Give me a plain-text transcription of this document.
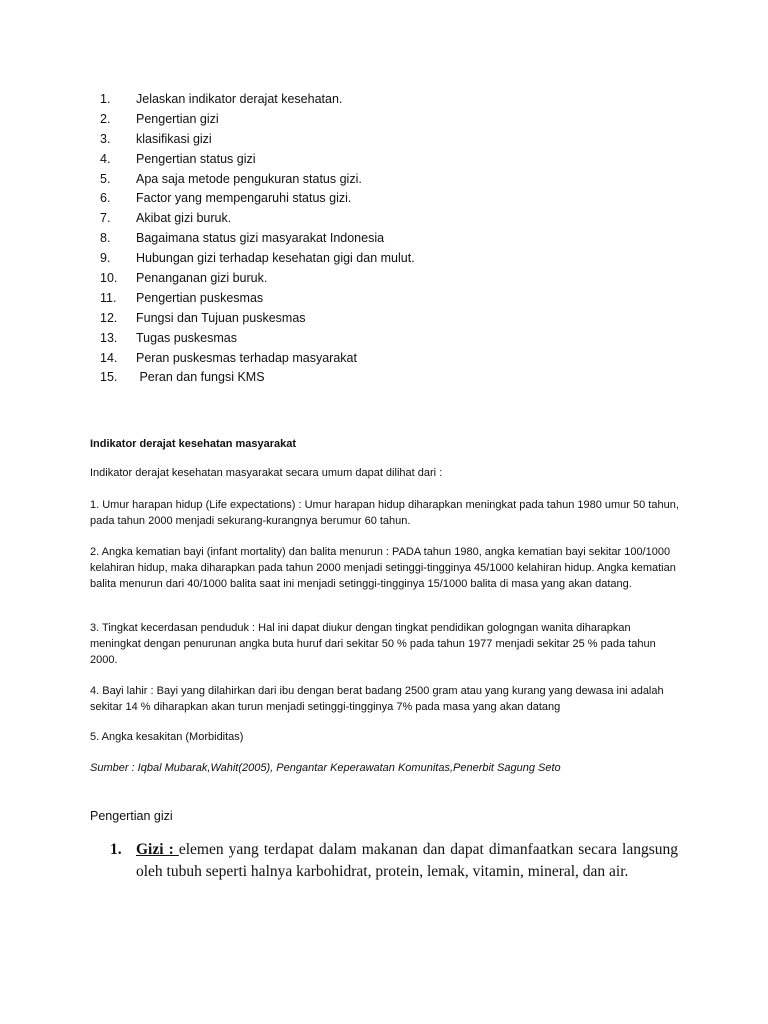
1.	Jelaskan indikator derajat kesehatan.
2.	Pengertian gizi
3.	klasifikasi gizi
4.	Pengertian status gizi
5.	Apa saja metode pengukuran status gizi.
6.	Factor yang mempengaruhi status gizi.
7.	Akibat gizi buruk.
8.	Bagaimana status gizi masyarakat Indonesia
9.	Hubungan gizi terhadap kesehatan gigi dan mulut.
10.	Penanganan gizi buruk.
11.	Pengertian puskesmas
12.	Fungsi dan Tujuan puskesmas
13.	Tugas puskesmas
14.	Peran puskesmas terhadap masyarakat
15.	Peran dan fungsi KMS
Indikator derajat kesehatan masyarakat
Indikator derajat kesehatan masyarakat secara umum dapat dilihat dari :
1. Umur harapan hidup (Life expectations) : Umur harapan hidup diharapkan meningkat pada tahun 1980 umur 50 tahun, pada tahun 2000 menjadi sekurang-kurangnya berumur 60 tahun.
2. Angka kematian bayi (infant mortality) dan balita menurun : PADA tahun 1980, angka kematian bayi sekitar 100/1000 kelahiran hidup, maka diharapkan pada tahun 2000 menjadi setinggi-tingginya 45/1000 kelahiran hidup. Angka kematian balita menurun dari 40/1000 balita saat ini menjadi setinggi-tingginya 15/1000 balita di masa yang akan datang.
3. Tingkat kecerdasan penduduk : Hal ini dapat diukur dengan tingkat pendidikan gologngan wanita diharapkan meningkat dengan penurunan angka buta huruf dari sekitar 50 % pada tahun 1977 menjadi sekitar 25 % pada tahun 2000.
4. Bayi lahir : Bayi yang dilahirkan dari ibu dengan berat badang 2500 gram atau yang kurang yang dewasa ini adalah sekitar 14 % diharapkan akan turun menjadi setinggi-tingginya 7% pada masa yang akan datang
5. Angka kesakitan (Morbiditas)
Sumber : Iqbal Mubarak,Wahit(2005), Pengantar Keperawatan Komunitas,Penerbit Sagung Seto
Pengertian gizi
1. Gizi : elemen yang terdapat dalam makanan dan dapat dimanfaatkan secara langsung oleh tubuh seperti halnya karbohidrat, protein, lemak, vitamin, mineral, dan air.
